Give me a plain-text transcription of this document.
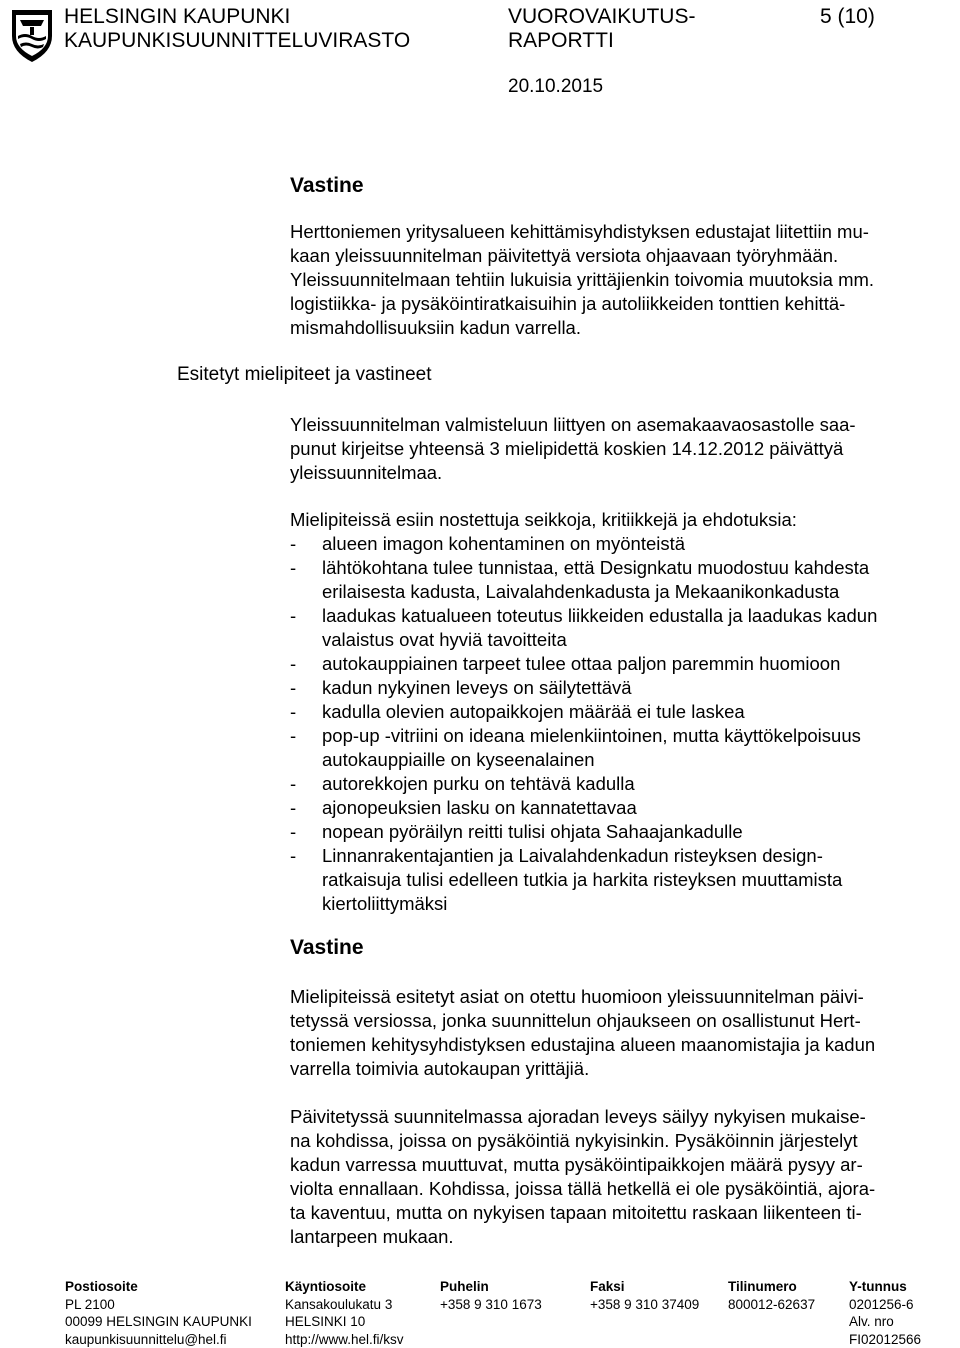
HELSINGIN KAUPUNKI
KAUPUNKISUUNNITTELUVIRASTO
VUOROVAIKUTUS-
RAPORTTI
5 (10)
20.10.2015
Vastine

Herttoniemen yritysalueen kehittämisyhdistyksen edustajat liitettiin mu-

kaan yleissuunnitelman päivitettyä versiota ohjaavaan työryhmään.

Yleissuunnitelmaan tehtiin lukuisia yrittäjienkin toivomia muutoksia mm.

logistiikka- ja pysäköintiratkaisuihin ja autoliikkeiden tonttien kehittä-

mismahdollisuuksiin kadun varrella.

Esitetyt mielipiteet ja vastineet

Yleissuunnitelman valmisteluun liittyen on asemakaavaosastolle saa-

punut kirjeitse yhteensä 3 mielipidettä koskien 14.12.2012 päivättyä

yleissuunnitelmaa.

Mielipiteissä esiin nostettuja seikkoja, kritiikkejä ja ehdotuksia:

- alueen imagon kohentaminen on myönteistä

- lähtökohtana tulee tunnistaa, että Designkatu muodostuu kahdesta

erilaisesta kadusta, Laivalahdenkadusta ja Mekaanikonkadusta

- laadukas katualueen toteutus liikkeiden edustalla ja laadukas kadun

valaistus ovat hyviä tavoitteita

- autokauppiainen tarpeet tulee ottaa paljon paremmin huomioon

- kadun nykyinen leveys on säilytettävä

- kadulla olevien autopaikkojen määrää ei tule laskea

- pop-up -vitriini on ideana mielenkiintoinen, mutta käyttökelpoisuus

autokauppiaille on kyseenalainen

- autorekkojen purku on tehtävä kadulla

- ajonopeuksien lasku on kannatettavaa

- nopean pyöräilyn reitti tulisi ohjata Sahaajankadulle

- Linnanrakentajantien ja Laivalahdenkadun risteyksen design-

ratkaisuja tulisi edelleen tutkia ja harkita risteyksen muuttamista

kiertoliittymäksi

Vastine

Mielipiteissä esitetyt asiat on otettu huomioon yleissuunnitelman päivi-

tetyssä versiossa, jonka suunnittelun ohjaukseen on osallistunut Hert-

toniemen kehitysyhdistyksen edustajina alueen maanomistajia ja kadun

varrella toimivia autokaupan yrittäjiä.

Päivitetyssä suunnitelmassa ajoradan leveys säilyy nykyisen mukaise-

na kohdissa, joissa on pysäköintiä nykyisinkin. Pysäköinnin järjestelyt

kadun varressa muuttuvat, mutta pysäköintipaikkojen määrä pysyy ar-

violta ennallaan. Kohdissa, joissa tällä hetkellä ei ole pysäköintiä, ajora-

ta kaventuu, mutta on nykyisen tapaan mitoitettu raskaan liikenteen ti-

lantarpeen mukaan.

Postiosoite
PL 2100
00099 HELSINGIN KAUPUNKI
kaupunkisuunnittelu@hel.fi
Käyntiosoite
Kansakoulukatu 3
HELSINKI 10
http://www.hel.fi/ksv
Puhelin
+358 9 310 1673
Faksi
+358 9 310 37409
Tilinumero
800012-62637
Y-tunnus
0201256-6
Alv. nro
FI02012566
